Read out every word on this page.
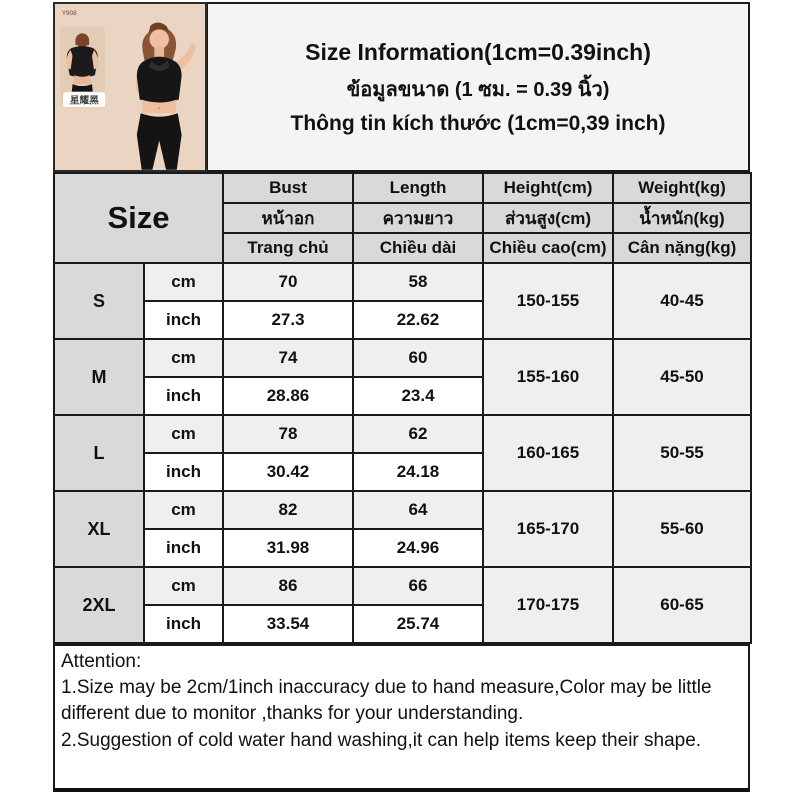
星耀黑
Y908
Size Information(1cm=0.39inch)
ข้อมูลขนาด (1 ซม. = 0.39 นิ้ว)
Thông tin kích thước (1cm=0,39 inch)
Size		Bust	Length	Height(cm)	Weight(kg)
		หน้าอก	ความยาว	ส่วนสูง(cm)	น้ำหนัก(kg)
		Trang chủ	Chiều dài	Chiều cao(cm)	Cân nặng(kg)
S	cm	70	58	150-155	40-45
	inch	27.3	22.62		
M	cm	74	60	155-160	45-50
	inch	28.86	23.4		
L	cm	78	62	160-165	50-55
	inch	30.42	24.18		
XL	cm	82	64	165-170	55-60
	inch	31.98	24.96		
2XL	cm	86	66	170-175	60-65
	inch	33.54	25.74		

Attention:

1.Size may be 2cm/1inch inaccuracy due to hand measure,Color may be little different due to monitor ,thanks for your understanding.

2.Suggestion of cold water hand washing,it can help items keep their shape.
